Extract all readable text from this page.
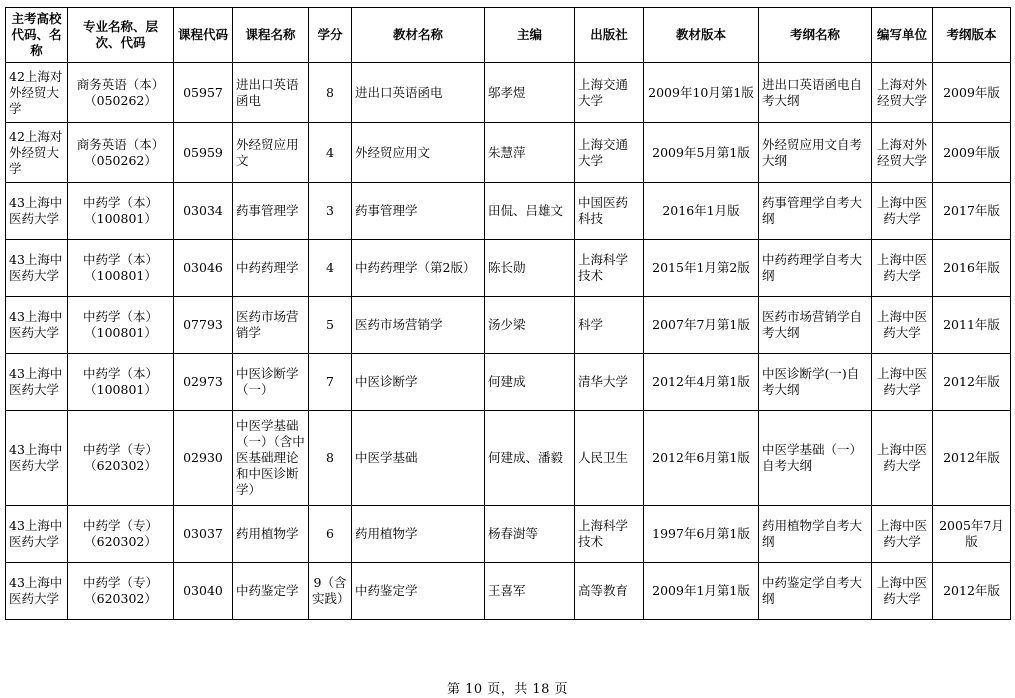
主考高校代码、名称	专业名称、层次、代码	课程代码	课程名称	学分	教材名称	主编	出版社	教材版本	考纲名称	编写单位	考纲版本
42上海对外经贸大学	商务英语（本）（050262）	05957	进出口英语函电	8	进出口英语函电	邬孝煜	上海交通大学	2009年10月第1版	进出口英语函电自考大纲	上海对外经贸大学	2009年版
42上海对外经贸大学	商务英语（本）（050262）	05959	外经贸应用文	4	外经贸应用文	朱慧萍	上海交通大学	2009年5月第1版	外经贸应用文自考大纲	上海对外经贸大学	2009年版
43上海中医药大学	中药学（本）（100801）	03034	药事管理学	3	药事管理学	田侃、吕雄文	中国医药科技	2016年1月版	药事管理学自考大纲	上海中医药大学	2017年版
43上海中医药大学	中药学（本）（100801）	03046	中药药理学	4	中药药理学（第2版）	陈长勋	上海科学技术	2015年1月第2版	中药药理学自考大纲	上海中医药大学	2016年版
43上海中医药大学	中药学（本）（100801）	07793	医药市场营销学	5	医药市场营销学	汤少梁	科学	2007年7月第1版	医药市场营销学自考大纲	上海中医药大学	2011年版
43上海中医药大学	中药学（本）（100801）	02973	中医诊断学（一）	7	中医诊断学	何建成	清华大学	2012年4月第1版	中医诊断学(一)自考大纲	上海中医药大学	2012年版
43上海中医药大学	中药学（专）（620302）	02930	中医学基础（一）（含中医基础理论和中医诊断学）	8	中医学基础	何建成、潘毅	人民卫生	2012年6月第1版	中医学基础（一）自考大纲	上海中医药大学	2012年版
43上海中医药大学	中药学（专）（620302）	03037	药用植物学	6	药用植物学	杨春澍等	上海科学技术	1997年6月第1版	药用植物学自考大纲	上海中医药大学	2005年7月版
43上海中医药大学	中药学（专）（620302）	03040	中药鉴定学	9（含实践）	中药鉴定学	王喜军	高等教育	2009年1月第1版	中药鉴定学自考大纲	上海中医药大学	2012年版
第 10 页，共 18 页
